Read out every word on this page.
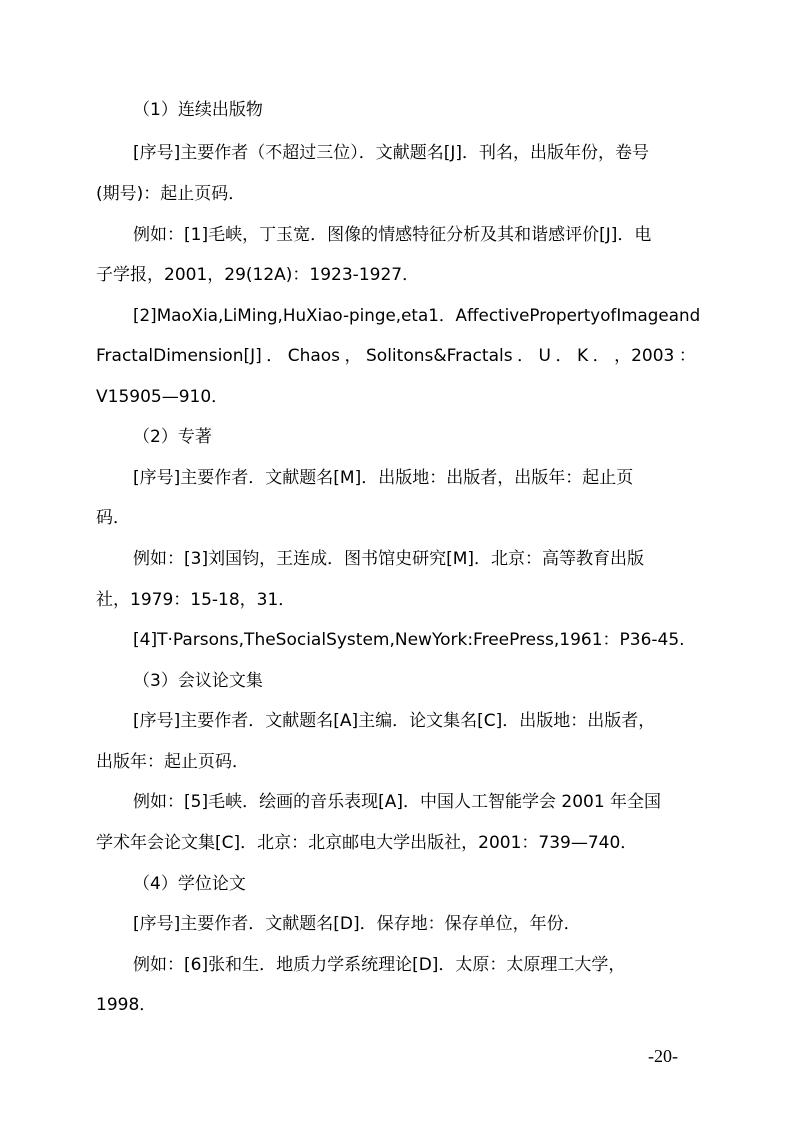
（1）连续出版物
[序号]主要作者（不超过三位）．文献题名[J]．刊名，出版年份，卷号
(期号)：起止页码．
例如：[1]毛峡，丁玉宽．图像的情感特征分析及其和谐感评价[J]．电
子学报，2001，29(12A)：1923-1927．
[2]MaoXia,LiMing,HuXiao-pinge,eta1．AffectivePropertyofImageand
FractalDimension[J] ． Chaos ， Solitons&Fractals ． U ． K ． ，2003 ：
V15905—910．
（2）专著
[序号]主要作者．文献题名[M]．出版地：出版者，出版年：起止页
码．
例如：[3]刘国钧，王连成．图书馆史研究[M]．北京：高等教育出版
社，1979：15-18，31．
[4]T·Parsons,TheSocialSystem,NewYork:FreePress,1961：P36-45.
（3）会议论文集
[序号]主要作者．文献题名[A]主编．论文集名[C]．出版地：出版者，
出版年：起止页码．
例如：[5]毛峡．绘画的音乐表现[A]．中国人工智能学会 2001 年全国
学术年会论文集[C]．北京：北京邮电大学出版社，2001：739—740．
（4）学位论文
[序号]主要作者．文献题名[D]．保存地：保存单位，年份．
例如：[6]张和生．地质力学系统理论[D]．太原：太原理工大学，
1998．
-20-
